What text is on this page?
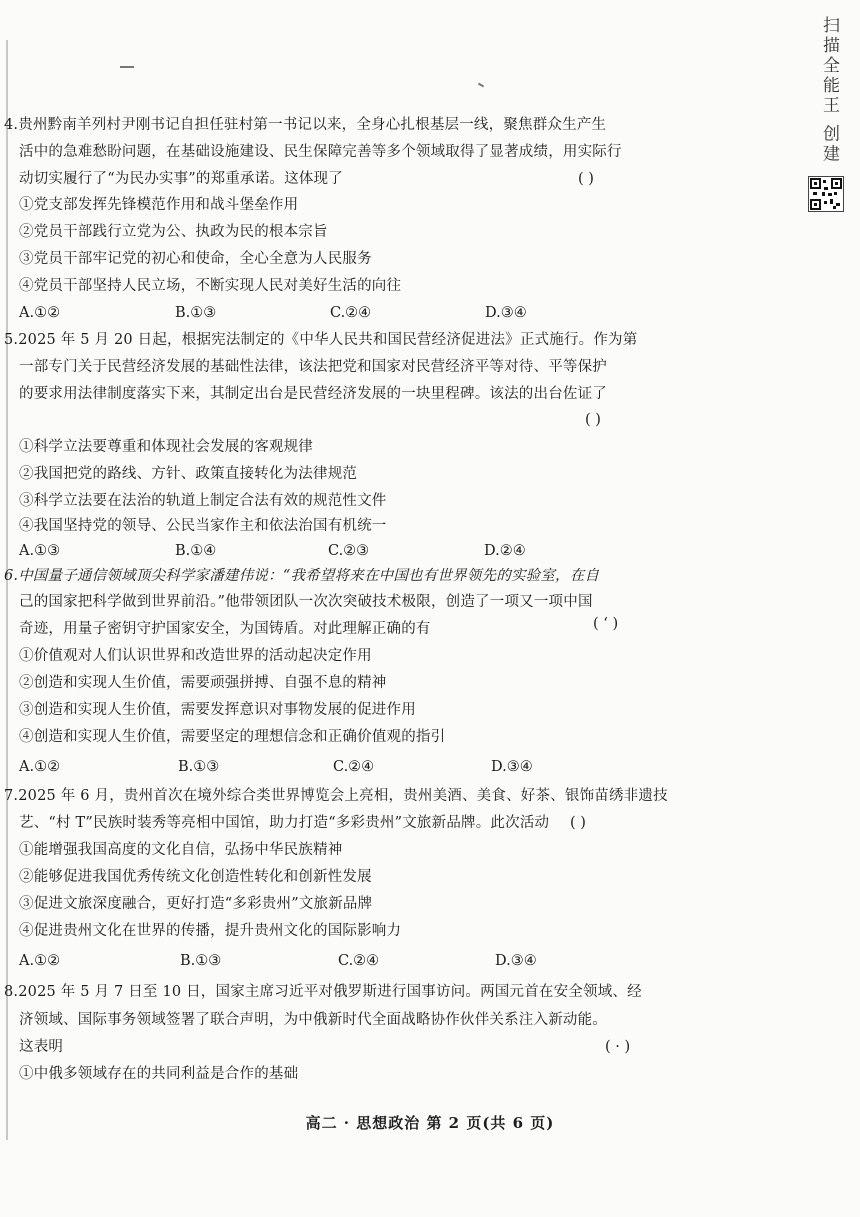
扫描全能王 创建
4.贵州黔南羊列村尹刚书记自担任驻村第一书记以来，全身心扎根基层一线，聚焦群众生产生
活中的急难愁盼问题，在基础设施建设、民生保障完善等多个领域取得了显著成绩，用实际行
动切实履行了“为民办实事”的郑重承诺。这体现了	( )
①党支部发挥先锋模范作用和战斗堡垒作用
②党员干部践行立党为公、执政为民的根本宗旨
③党员干部牢记党的初心和使命，全心全意为人民服务
④党员干部坚持人民立场，不断实现人民对美好生活的向往
A.①②	B.①③	C.②④	D.③④
5.2025 年 5 月 20 日起，根据宪法制定的《中华人民共和国民营经济促进法》正式施行。作为第
一部专门关于民营经济发展的基础性法律，该法把党和国家对民营经济平等对待、平等保护
的要求用法律制度落实下来，其制定出台是民营经济发展的一块里程碑。该法的出台佐证了
( )
①科学立法要尊重和体现社会发展的客观规律
②我国把党的路线、方针、政策直接转化为法律规范
③科学立法要在法治的轨道上制定合法有效的规范性文件
④我国坚持党的领导、公民当家作主和依法治国有机统一
A.①③	B.①④	C.②③	D.②④
6.中国量子通信领域顶尖科学家潘建伟说：“我希望将来在中国也有世界领先的实验室，在自
己的国家把科学做到世界前沿。”他带领团队一次次突破技术极限，创造了一项又一项中国
奇迹，用量子密钥守护国家安全，为国铸盾。对此理解正确的有	( ‘ )
①价值观对人们认识世界和改造世界的活动起决定作用
②创造和实现人生价值，需要顽强拼搏、自强不息的精神
③创造和实现人生价值，需要发挥意识对事物发展的促进作用
④创造和实现人生价值，需要坚定的理想信念和正确价值观的指引
A.①②	B.①③	C.②④	D.③④
7.2025 年 6 月，贵州首次在境外综合类世界博览会上亮相，贵州美酒、美食、好茶、银饰苗绣非遗技
艺、“村 T”民族时装秀等亮相中国馆，助力打造“多彩贵州”文旅新品牌。此次活动 ( )
①能增强我国高度的文化自信，弘扬中华民族精神
②能够促进我国优秀传统文化创造性转化和创新性发展
③促进文旅深度融合，更好打造“多彩贵州”文旅新品牌
④促进贵州文化在世界的传播，提升贵州文化的国际影响力
A.①②	B.①③	C.②④	D.③④
8.2025 年 5 月 7 日至 10 日，国家主席习近平对俄罗斯进行国事访问。两国元首在安全领域、经
济领域、国际事务领域签署了联合声明，为中俄新时代全面战略协作伙伴关系注入新动能。
这表明	( · )
①中俄多领域存在的共同利益是合作的基础
高二 · 思想政治 第 2 页(共 6 页)
